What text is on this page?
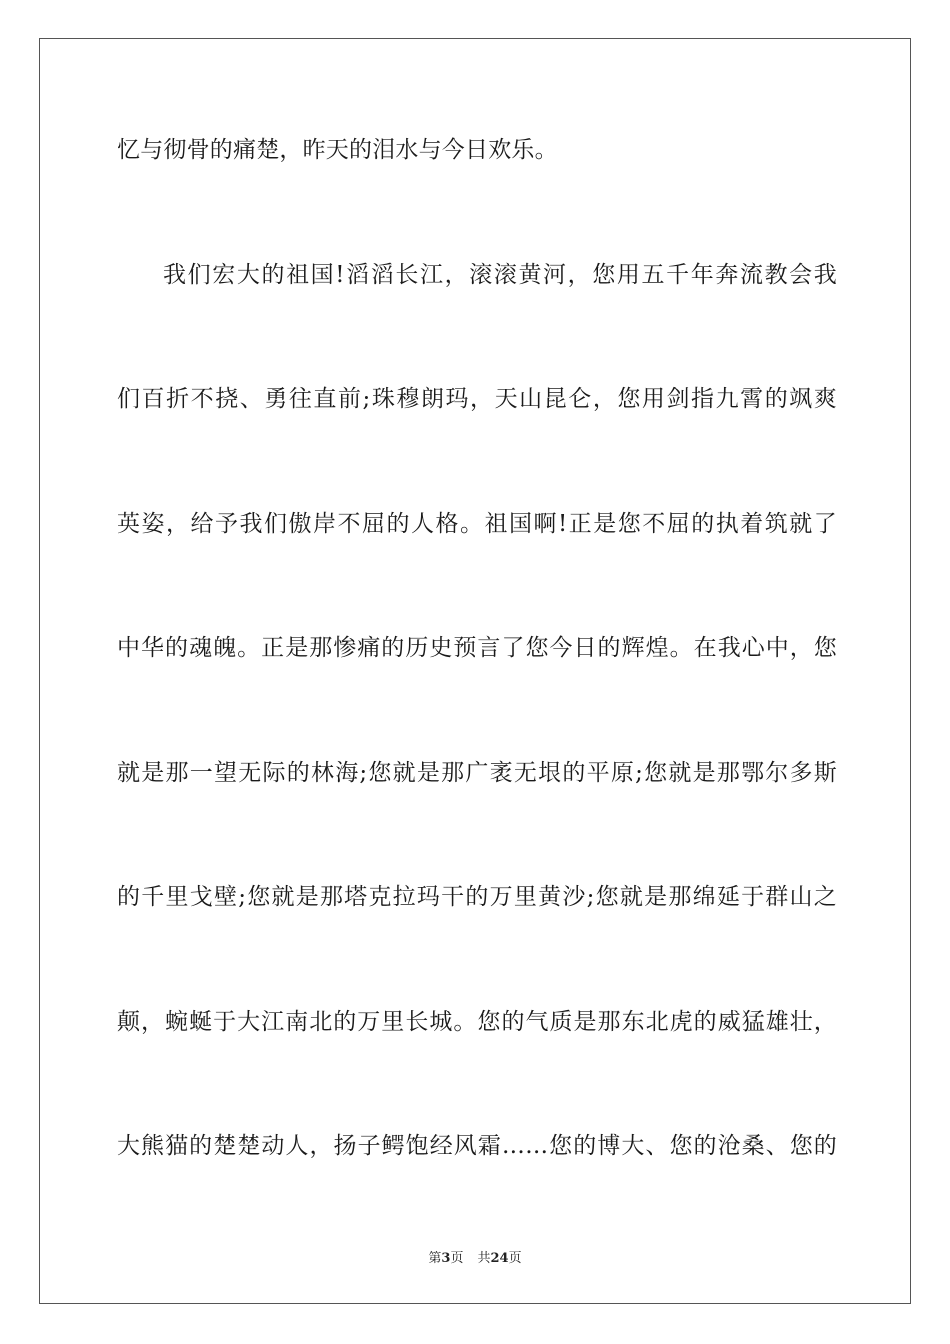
忆与彻骨的痛楚，昨天的泪水与今日欢乐。
我们宏大的祖国!滔滔长江，滚滚黄河，您用五千年奔流教会我
们百折不挠、勇往直前;珠穆朗玛，天山昆仑，您用剑指九霄的飒爽
英姿，给予我们傲岸不屈的人格。祖国啊!正是您不屈的执着筑就了
中华的魂魄。正是那惨痛的历史预言了您今日的辉煌。在我心中，您
就是那一望无际的林海;您就是那广袤无垠的平原;您就是那鄂尔多斯
的千里戈壁;您就是那塔克拉玛干的万里黄沙;您就是那绵延于群山之
颠，蜿蜒于大江南北的万里长城。您的气质是那东北虎的威猛雄壮，
大熊猫的楚楚动人，扬子鳄饱经风霜……您的博大、您的沧桑、您的
第3页 共24页
